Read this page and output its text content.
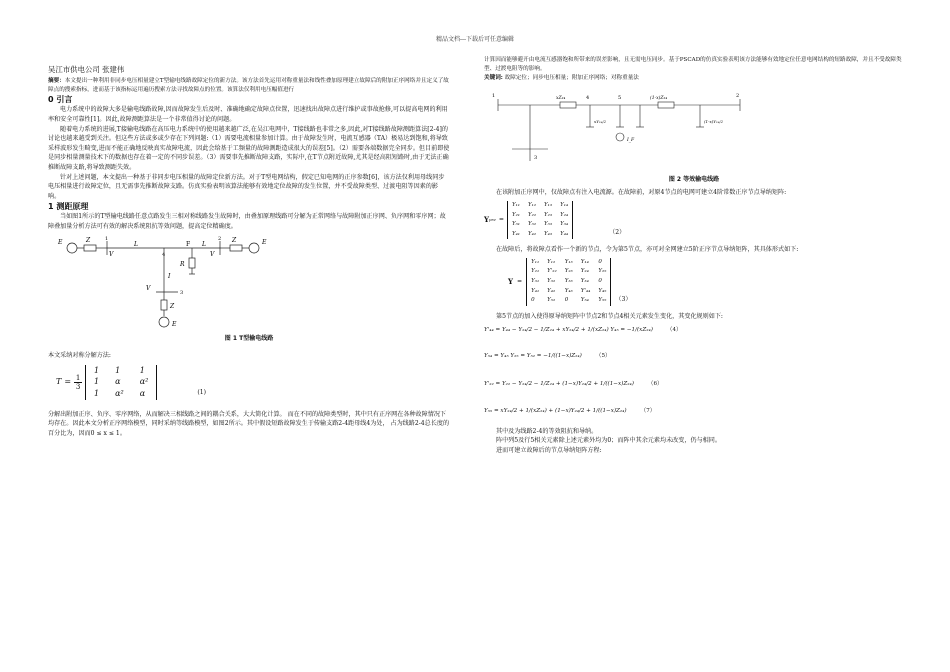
精品文档---下载后可任意编辑

吴江市供电公司 张建伟

摘要：本文提出一种利用非同步电压相量建立T型输电线路故障定位的新方法。该方法首先运用对称重量法和线性叠加原理建立故障后的附加正序网络并且定义了故障点的搜索指标，进而基于该指标运用遍历搜索方法寻找故障点的位置。该算法仅利用电压幅值进行

0 引言

电力系统中的故障大多是输电线路故障,因而故障发生后及时、准确地确定故障点位置，迅速找出故障点进行维护或事故抢修,可以提高电网的利用率和安全可靠性[1]。因此,故障测距算法是一个非常值得讨论的问题。

随着电力系统的进展,T接输电线路在高压电力系统中的使用越来越广泛,在吴江电网中，T接线路也非常之多,因此,对T接线路故障测距算法[2-4]的讨论也越来越受到关注。但这些方法或多或少存在下列问题:（1）需要电流相量参加计算。由于故障发生时，电流互感器（TA）极易达到饱和,将导致采样波形发生畸变,进而不能正确地反映真实故障电流，因此会给基于工频量的故障测距造成很大的误差[5]。（2）需要各端数据完全同步。但目前即使是同步相量测量技术下的数据也存在着一定的不同步误差。（3）需要事先推断故障支路，实际中,在T节点附近故障,尤其是经高阻短路时,由于无法正确推断故障支路,将导致测距失效。

针对上述问题，本文提出一种基于非同步电压相量的故障定位新方法。对于T型电网结构，假定已知电网的正序参数[6]，该方法仅利用母线同步电压相量进行故障定位，且无需事先推断故障支路。仿真实验表明该算法能够有效地定位故障的发生位置，并不受故障类型、过渡电阻等因素的影响。

1 测距原理

当如图1所示的T型输电线路任意点路发生三相对称线路发生故障时，由叠加原理线路可分解为正常网络与故障附加正序网、负序网和零序网；故障叠加量分析方法可有效的解决系统阻抗等效问题，提高定位精确度。

E	Z
V
1
L
4
F L
V
2 Z	E
R
I
V
3
Z
E

图 1 T型输电线路

本文采纳对称分解方法:

T = 1
3
1	1	1
1	α	α²
1	α²	α	(1)

分解出附加正序、负序、零序网络，从而解决三相线路之间的耦合关系，大大简化计算。 而在不同的故障类型时，其中只有正序网在各种故障情况下均存在。因此本文分析正序网络模型，同时采纳等线路模型，如图2所示。其中假设短路故障发生于传输支路2-4距母线4为处， 占为线路2-4总长度的百分比为，因而0 ≤ x ≤ 1。

计算因而能够避开由电流互感器饱和所带来的误差影响，且无需电压同步。基于PSCAD的仿真实验表明该方法能够有效地定位任意电网结构的短路故障，并且不受故障类型、过渡电阻等的影响。

关键词: 故障定位；同步电压相量；附加正序网络；对称重量法

1	4	5	2
3
xZ₂₄	(1-x)Z₂₄
xY₂₄/2	(1-x)Y₂₄/2
I_F

图 2 等效输电线路

在该附加正序网中，仅故障点有注入电流源。在故障前，对原4节点的电网可建立4阶常数正序节点导纳矩阵:

Y pre =
Y₁₁	Y₁₂	Y₁₃	Y₁₄
Y₂₁	Y₂₂	Y₂₃	Y₂₄
Y₃₁	Y₃₂	Y₃₃	Y₃₄
Y₄₁	Y₄₂	Y₄₃	Y₄₄	（2）

在故障后，将故障点看作一个新的节点，令为第5节点，亦可对全网建立5阶正序节点导纳矩阵，其具体形式如下:

Y =
Y₁₁	Y₁₂	Y₁₃	Y₁₄	0
Y₂₁	Y'₂₂	Y₂₃	Y₂₄	Y₂₅
Y₃₁	Y₃₂	Y₃₃	Y₃₄	0
Y₄₁	Y₄₂	Y₄₃	Y'₄₄	Y₄₅
0	Y₅₂	0	Y₅₄	Y₅₅ （3）

第5节点的加入使得原导纳矩阵中节点2和节点4相关元素发生变化，其变化规则如下:

Y'₄₄ = Y₄₄ − Y₂₄/2 − 1/Z₂₄ + xY₂₄/2 + 1/(xZ₂₄) Y₄₅ = −1/(xZ₂₄)	（4）
Y₅₄ = Y₄₅ Y₂₅ = Y₅₂ = −1/((1−x)Z₂₄)	（5）
Y'₂₂ = Y₂₂ − Y₂₄/2 − 1/Z₂₄ + (1−x)Y₂₄/2 + 1/((1−x)Z₂₄)	（6）
Y₅₅ = xY₂₄/2 + 1/(xZ₂₄) + (1−x)Y₂₄/2 + 1/((1−x)Z₂₄)	（7）

其中及为线路2-4的等效阻抗和导纳。

阵中列5及行5相关元素除上述元素外均为0；而阵中其余元素均未改变，仍与相同。

进而可建立故障后的节点导纳矩阵方程:
